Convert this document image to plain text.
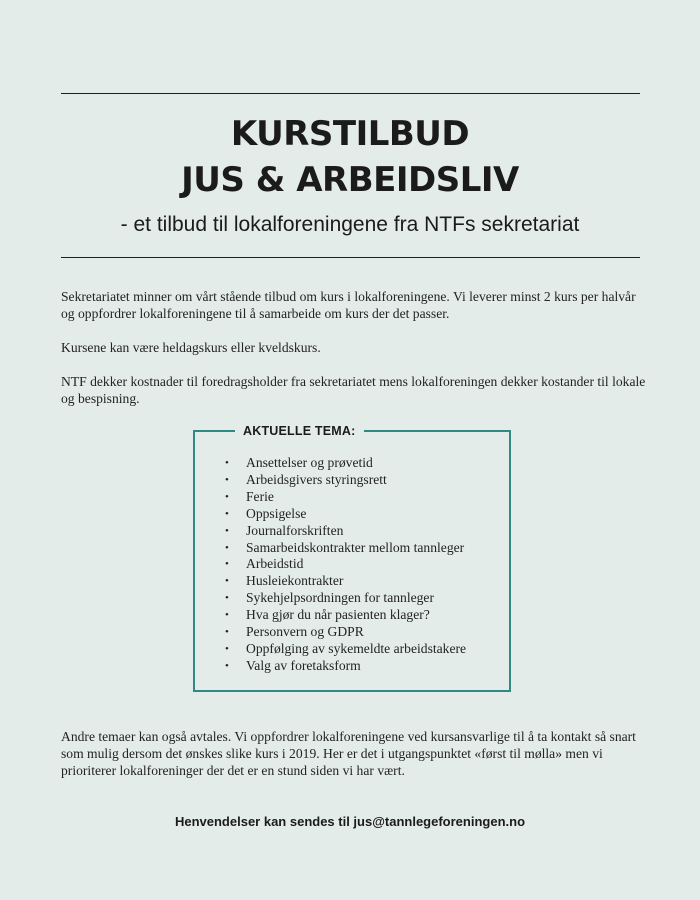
KURSTILBUD
JUS & ARBEIDSLIV
- et tilbud til lokalforeningene fra NTFs sekretariat

Sekretariatet minner om vårt stående tilbud om kurs i lokalforeningene. Vi leverer minst 2 kurs per halvår og oppfordrer lokalforeningene til å samarbeide om kurs der det passer.

Kursene kan være heldagskurs eller kveldskurs.

NTF dekker kostnader til foredragsholder fra sekretariatet mens lokalforeningen dekker kostander til lokale og bespisning.

AKTUELLE TEMA:
• Ansettelser og prøvetid
• Arbeidsgivers styringsrett
• Ferie
• Oppsigelse
• Journalforskriften
• Samarbeidskontrakter mellom tannleger
• Arbeidstid
• Husleiekontrakter
• Sykehjelpsordningen for tannleger
• Hva gjør du når pasienten klager?
• Personvern og GDPR
• Oppfølging av sykemeldte arbeidstakere
• Valg av foretaksform

Andre temaer kan også avtales. Vi oppfordrer lokalforeningene ved kursansvarlige til å ta kontakt så snart som mulig dersom det ønskes slike kurs i 2019. Her er det i utgangspunktet «først til mølla» men vi prioriterer lokalforeninger der det er en stund siden vi har vært.

Henvendelser kan sendes til jus@tannlegeforeningen.no
